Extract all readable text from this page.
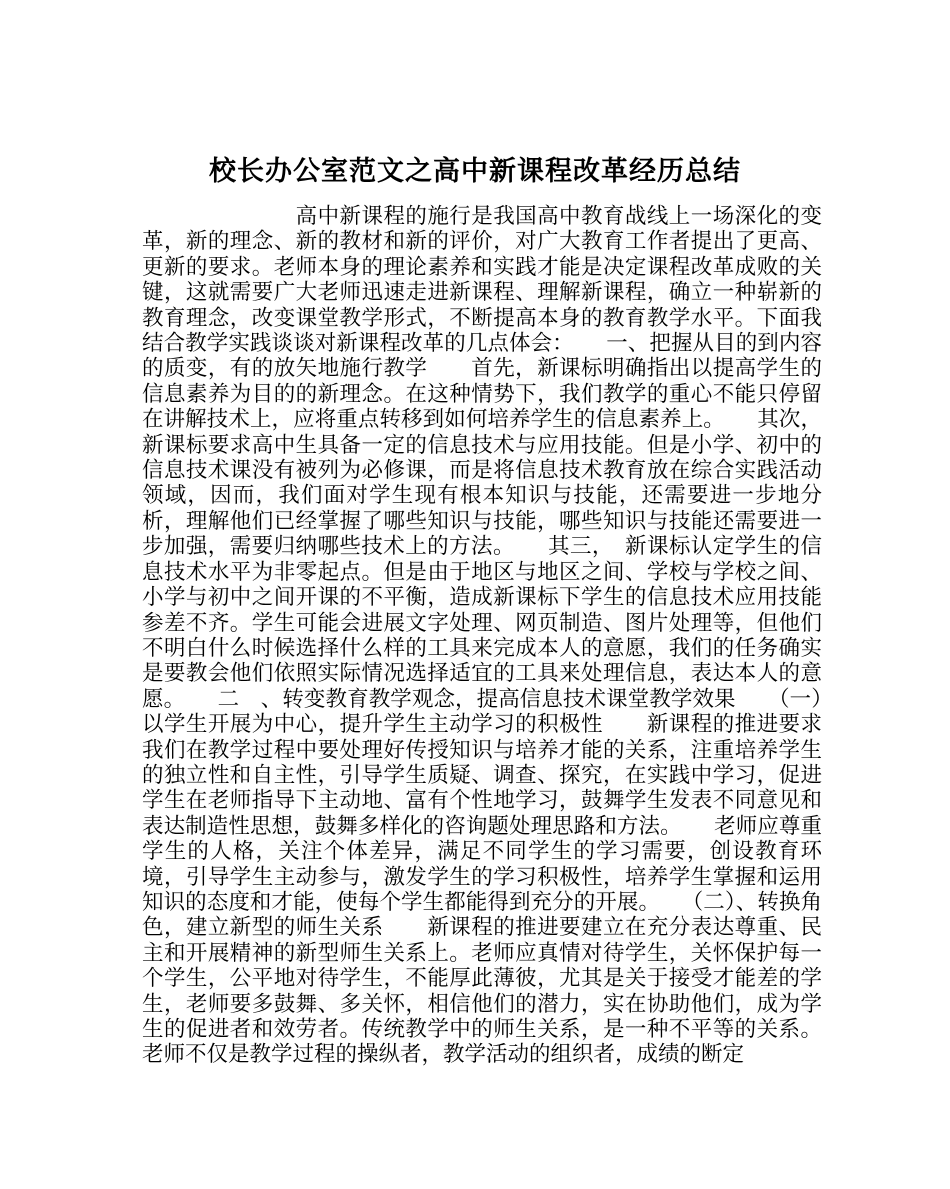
校长办公室范文之高中新课程改革经历总结

　　　　　　　高中新课程的施行是我国高中教育战线上一场深化的变革，新的理念、新的教材和新的评价，对广大教育工作者提出了更高、更新的要求。老师本身的理论素养和实践才能是决定课程改革成败的关键，这就需要广大老师迅速走进新课程、理解新课程，确立一种崭新的教育理念，改变课堂教学形式，不断提高本身的教育教学水平。下面我结合教学实践谈谈对新课程改革的几点体会：　　一、把握从目的到内容的质变，有的放矢地施行教学　　首先，新课标明确指出以提高学生的信息素养为目的的新理念。在这种情势下，我们教学的重心不能只停留在讲解技术上，应将重点转移到如何培养学生的信息素养上。　　其次，新课标要求高中生具备一定的信息技术与应用技能。但是小学、初中的信息技术课没有被列为必修课，而是将信息技术教育放在综合实践活动领域，因而，我们面对学生现有根本知识与技能，还需要进一步地分析，理解他们已经掌握了哪些知识与技能，哪些知识与技能还需要进一步加强，需要归纳哪些技术上的方法。　　其三，　新课标认定学生的信息技术水平为非零起点。但是由于地区与地区之间、学校与学校之间、小学与初中之间开课的不平衡，造成新课标下学生的信息技术应用技能参差不齐。学生可能会进展文字处理、网页制造、图片处理等，但他们不明白什么时候选择什么样的工具来完成本人的意愿，我们的任务确实是要教会他们依照实际情况选择适宜的工具来处理信息，表达本人的意愿。　　二　、转变教育教学观念，提高信息技术课堂教学效果　　（一）　以学生开展为中心，提升学生主动学习的积极性　　新课程的推进要求我们在教学过程中要处理好传授知识与培养才能的关系，注重培养学生的独立性和自主性，引导学生质疑、调查、探究，在实践中学习，促进学生在老师指导下主动地、富有个性地学习，鼓舞学生发表不同意见和表达制造性思想，鼓舞多样化的咨询题处理思路和方法。　　老师应尊重学生的人格，关注个体差异，满足不同学生的学习需要，创设教育环境，引导学生主动参与，激发学生的学习积极性，培养学生掌握和运用知识的态度和才能，使每个学生都能得到充分的开展。　　（二）、转换角色，建立新型的师生关系　　新课程的推进要建立在充分表达尊重、民主和开展精神的新型师生关系上。老师应真情对待学生，关怀保护每一个学生，公平地对待学生，不能厚此薄彼，尤其是关于接受才能差的学生，老师要多鼓舞、多关怀，相信他们的潜力，实在协助他们，成为学生的促进者和效劳者。传统教学中的师生关系，是一种不平等的关系。老师不仅是教学过程的操纵者，教学活动的组织者，成绩的断定
